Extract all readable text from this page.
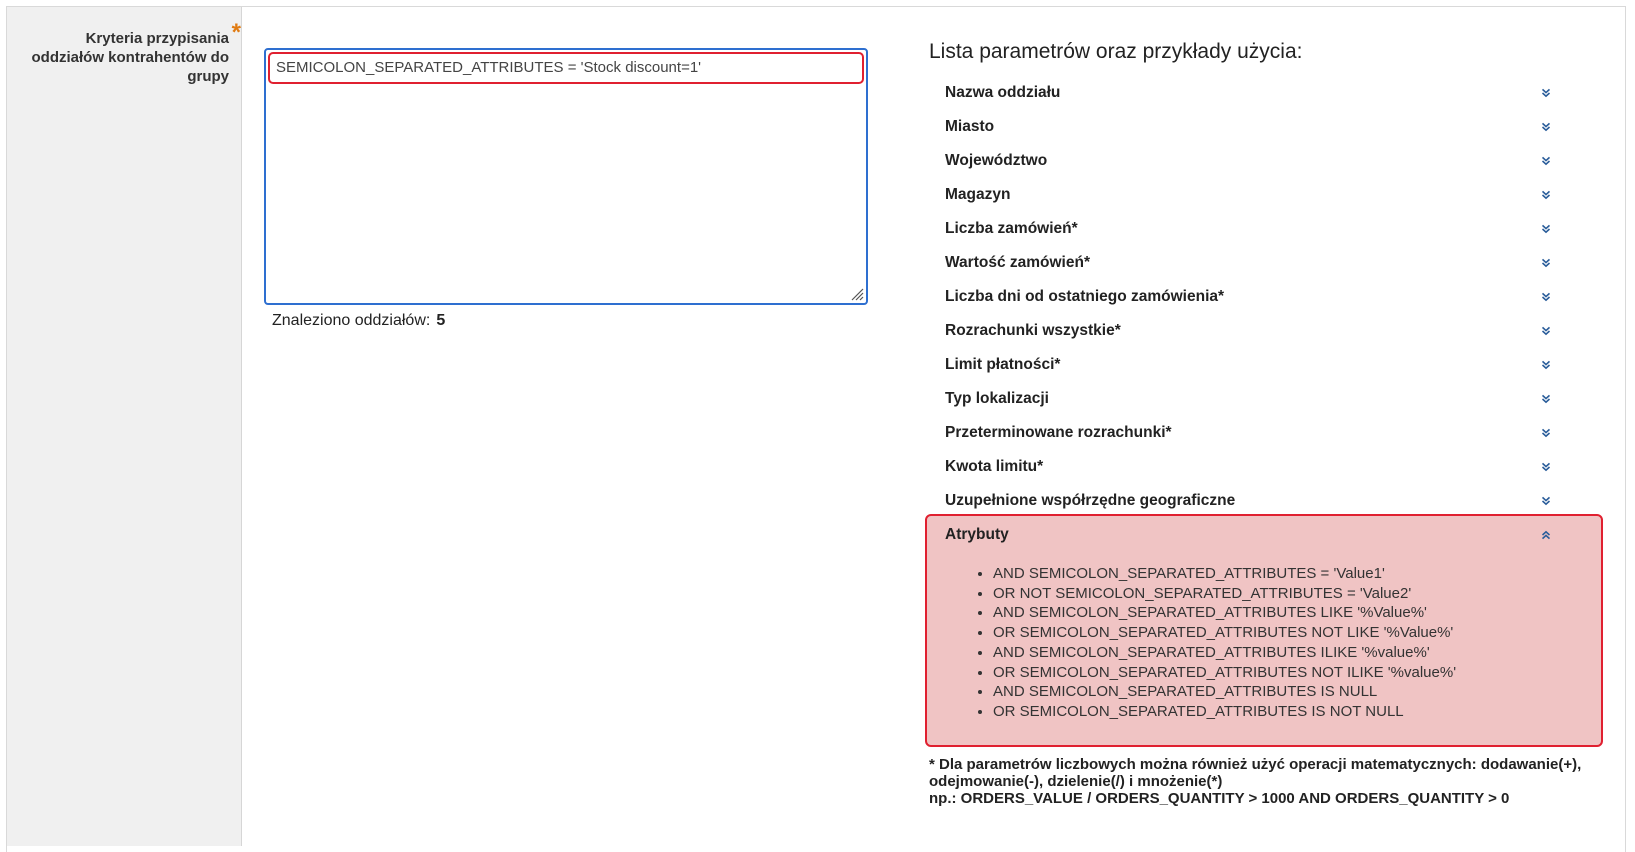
Kryteria przypisania oddziałów kontrahentów do grupy
*
SEMICOLON_SEPARATED_ATTRIBUTES = 'Stock discount=1'
Znaleziono oddziałów: 5
Lista parametrów oraz przykłady użycia:
Nazwa oddziału
Miasto
Województwo
Magazyn
Liczba zamówień*
Wartość zamówień*
Liczba dni od ostatniego zamówienia*
Rozrachunki wszystkie*
Limit płatności*
Typ lokalizacji
Przeterminowane rozrachunki*
Kwota limitu*
Uzupełnione współrzędne geograficzne
Atrybuty
• AND SEMICOLON_SEPARATED_ATTRIBUTES = 'Value1'
• OR NOT SEMICOLON_SEPARATED_ATTRIBUTES = 'Value2'
• AND SEMICOLON_SEPARATED_ATTRIBUTES LIKE '%Value%'
• OR SEMICOLON_SEPARATED_ATTRIBUTES NOT LIKE '%Value%'
• AND SEMICOLON_SEPARATED_ATTRIBUTES ILIKE '%value%'
• OR SEMICOLON_SEPARATED_ATTRIBUTES NOT ILIKE '%value%'
• AND SEMICOLON_SEPARATED_ATTRIBUTES IS NULL
• OR SEMICOLON_SEPARATED_ATTRIBUTES IS NOT NULL
* Dla parametrów liczbowych można również użyć operacji matematycznych: dodawanie(+),
odejmowanie(-), dzielenie(/) i mnożenie(*)
np.: ORDERS_VALUE / ORDERS_QUANTITY > 1000 AND ORDERS_QUANTITY > 0
